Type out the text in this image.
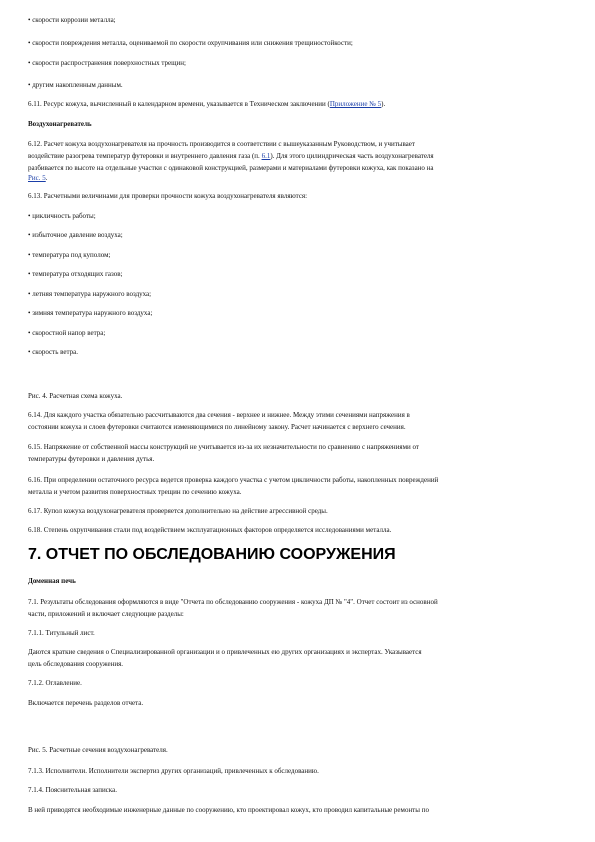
• скорости коррозии металла;
• скорости повреждения металла, оцениваемой по скорости охрупчивания или снижения трещиностойкости;
• скорости распространения поверхностных трещин;
• другим накопленным данным.
6.11. Ресурс кожуха, вычисленный в календарном времени, указывается в Техническом заключении (Приложение № 5).
Воздухонагреватель
6.12. Расчет кожуха воздухонагревателя на прочность производится в соответствии с вышеуказанным Руководством, и учитывает
воздействие разогрева температур футеровки и внутреннего давления газа (п. 6.1). Для этого цилиндрическая часть воздухонагревателя
разбивается по высоте на отдельные участки с одинаковой конструкцией, размерами и материалами футеровки кожуха, как показано на
Рис. 5.
6.13. Расчетными величинами для проверки прочности кожуха воздухонагревателя являются:
• цикличность работы;
• избыточное давление воздуха;
• температура под куполом;
• температура отходящих газов;
• летняя температура наружного воздуха;
• зимняя температура наружного воздуха;
• скоростной напор ветра;
• скорость ветра.
Рис. 4. Расчетная схема кожуха.
6.14. Для каждого участка обязательно рассчитываются два сечения - верхнее и нижнее. Между этими сечениями напряжения в
состоянии кожуха и слоев футеровки считаются изменяющимися по линейному закону. Расчет начинается с верхнего сечения.
6.15. Напряжение от собственной массы конструкций не учитывается из-за их незначительности по сравнению с напряжениями от
температуры футеровки и давления дутья.
6.16. При определении остаточного ресурса ведется проверка каждого участка с учетом цикличности работы, накопленных повреждений
металла и учетом развития поверхностных трещин по сечению кожуха.
6.17. Купол кожуха воздухонагревателя проверяется дополнительно на действие агрессивной среды.
6.18. Степень охрупчивания стали под воздействием эксплуатационных факторов определяется исследованиями металла.
7. ОТЧЕТ ПО ОБСЛЕДОВАНИЮ СООРУЖЕНИЯ
Доменная печь
7.1. Результаты обследования оформляются в виде "Отчета по обследованию сооружения - кожуха ДП № "4". Отчет состоит из основной
части, приложений и включает следующие разделы:
7.1.1. Титульный лист.
Даются краткие сведения о Специализированной организации и о привлеченных ею других организациях и экспертах. Указывается
цель обследования сооружения.
7.1.2. Оглавление.
Включается перечень разделов отчета.
Рис. 5. Расчетные сечения воздухонагревателя.
7.1.3. Исполнители. Исполнители экспертиз других организаций, привлеченных к обследованию.
7.1.4. Пояснительная записка.
В ней приводятся необходимые инженерные данные по сооружению, кто проектировал кожух, кто проводил капитальные ремонты по
